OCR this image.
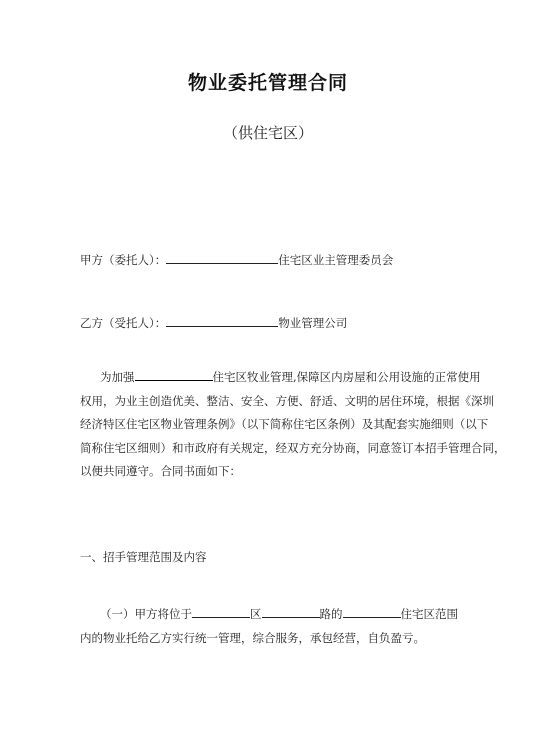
物业委托管理合同
（供住宅区）
甲方（委托人）：	住宅区业主管理委员会
乙方（受托人）：	物业管理公司
为加强	住宅区牧业管理,保障区内房屋和公用设施的正常使用
权用，为业主创造优美、整洁、安全、方便、舒适、文明的居住环境，根据《深圳
经济特区住宅区物业管理条例》（以下简称住宅区条例）及其配套实施细则（以下
简称住宅区细则）和市政府有关规定，经双方充分协商，同意签订本招手管理合同，
以便共同遵守。合同书面如下：
一、招手管理范围及内容
（一）甲方将位于	区	路的	住宅区范围
内的物业托给乙方实行统一管理，综合服务，承包经营，自负盈亏。
